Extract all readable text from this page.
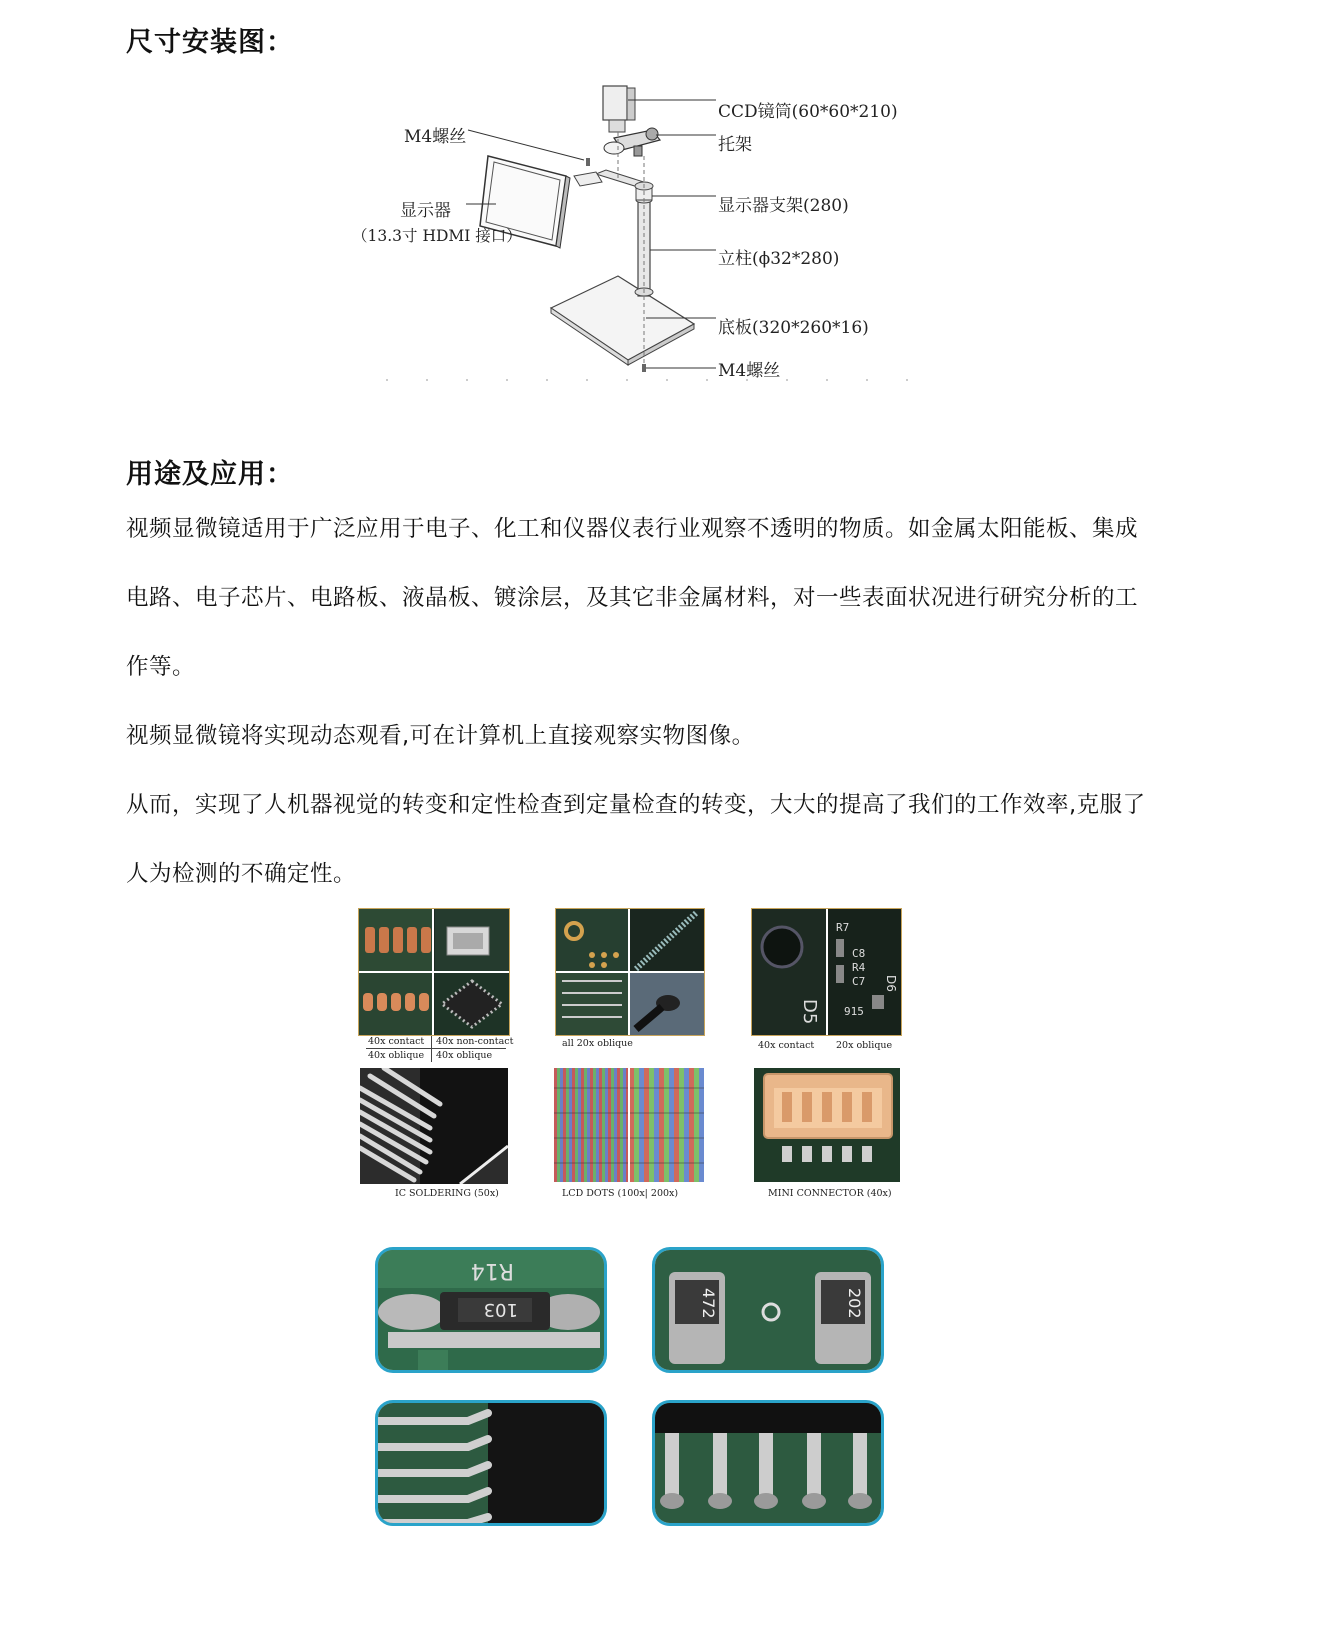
尺寸安装图：
CCD镜筒(60*60*210)
托架
显示器支架(280)
立柱(ϕ32*280)
底板(320*260*16)
M4螺丝
M4螺丝
显示器
（13.3寸 HDMI 接口）
用途及应用：
视频显微镜适用于广泛应用于电子、化工和仪器仪表行业观察不透明的物质。如金属太阳能板、集成
电路、电子芯片、电路板、液晶板、镀涂层，及其它非金属材料，对一些表面状况进行研究分析的工
作等。
视频显微镜将实现动态观看,可在计算机上直接观察实物图像。
从而，实现了人机器视觉的转变和定性检查到定量检查的转变，大大的提高了我们的工作效率,克服了
人为检测的不确定性。
40x contact 40x non-contact
40x oblique 40x oblique
all 20x oblique
R7
C8
R4
C7
915
D5
D6
40x contact 20x oblique
IC SOLDERING (50x)	LCD DOTS (100x| 200x)	MINI CONNECTOR (40x)
R14
103	472	202
